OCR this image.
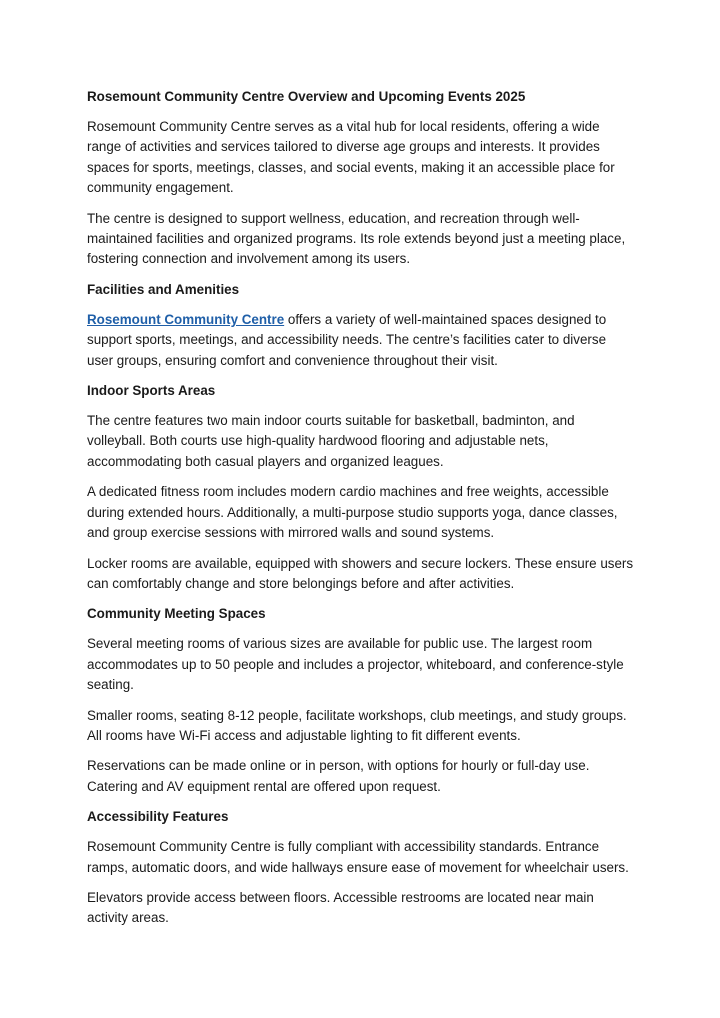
Rosemount Community Centre Overview and Upcoming Events 2025

Rosemount Community Centre serves as a vital hub for local residents, offering a wide range of activities and services tailored to diverse age groups and interests. It provides spaces for sports, meetings, classes, and social events, making it an accessible place for community engagement.

The centre is designed to support wellness, education, and recreation through well-maintained facilities and organized programs. Its role extends beyond just a meeting place, fostering connection and involvement among its users.

Facilities and Amenities

Rosemount Community Centre offers a variety of well-maintained spaces designed to support sports, meetings, and accessibility needs. The centre’s facilities cater to diverse user groups, ensuring comfort and convenience throughout their visit.

Indoor Sports Areas

The centre features two main indoor courts suitable for basketball, badminton, and volleyball. Both courts use high-quality hardwood flooring and adjustable nets, accommodating both casual players and organized leagues.

A dedicated fitness room includes modern cardio machines and free weights, accessible during extended hours. Additionally, a multi-purpose studio supports yoga, dance classes, and group exercise sessions with mirrored walls and sound systems.

Locker rooms are available, equipped with showers and secure lockers. These ensure users can comfortably change and store belongings before and after activities.

Community Meeting Spaces

Several meeting rooms of various sizes are available for public use. The largest room accommodates up to 50 people and includes a projector, whiteboard, and conference-style seating.

Smaller rooms, seating 8-12 people, facilitate workshops, club meetings, and study groups. All rooms have Wi-Fi access and adjustable lighting to fit different events.

Reservations can be made online or in person, with options for hourly or full-day use. Catering and AV equipment rental are offered upon request.

Accessibility Features

Rosemount Community Centre is fully compliant with accessibility standards. Entrance ramps, automatic doors, and wide hallways ensure ease of movement for wheelchair users.

Elevators provide access between floors. Accessible restrooms are located near main activity areas.
